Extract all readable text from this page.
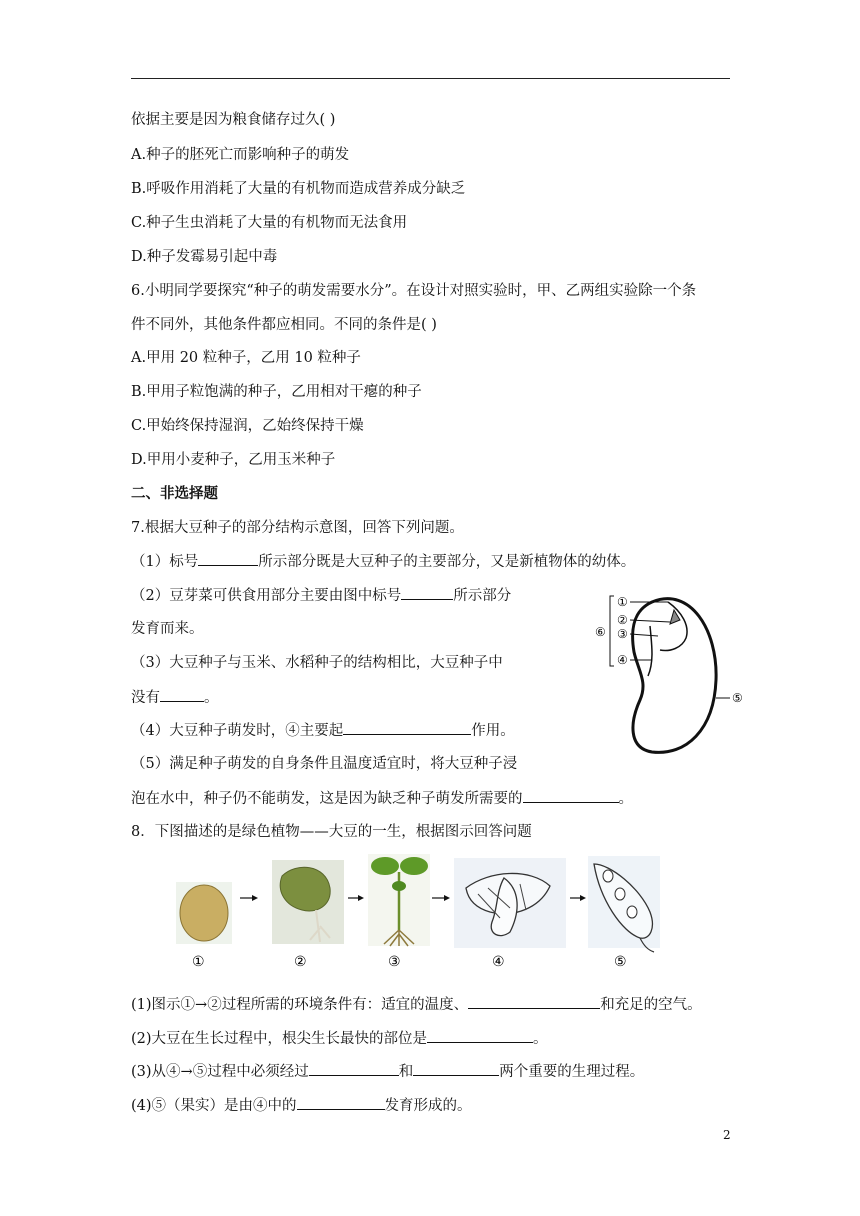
依据主要是因为粮食储存过久( )
A.种子的胚死亡而影响种子的萌发
B.呼吸作用消耗了大量的有机物而造成营养成分缺乏
C.种子生虫消耗了大量的有机物而无法食用
D.种子发霉易引起中毒
6.小明同学要探究“种子的萌发需要水分”。在设计对照实验时，甲、乙两组实验除一个条
件不同外，其他条件都应相同。不同的条件是( )
A.甲用 20 粒种子，乙用 10 粒种子
B.甲用子粒饱满的种子，乙用相对干瘪的种子
C.甲始终保持湿润，乙始终保持干燥
D.甲用小麦种子，乙用玉米种子
二、非选择题
7.根据大豆种子的部分结构示意图，回答下列问题。
（1）标号	所示部分既是大豆种子的主要部分，又是新植物体的幼体。
（2）豆芽菜可供食用部分主要由图中标号	所示部分
发育而来。
（3）大豆种子与玉米、水稻种子的结构相比，大豆种子中
没有	。
（4）大豆种子萌发时，④主要起	作用。
（5）满足种子萌发的自身条件且温度适宜时，将大豆种子浸
泡在水中，种子仍不能萌发，这是因为缺乏种子萌发所需要的	。
①
②
③
④
⑤
⑥
8．下图描述的是绿色植物——大豆的一生，根据图示回答问题
①	②	③	④	⑤
(1)图示①→②过程所需的环境条件有：适宜的温度、	和充足的空气。
(2)大豆在生长过程中，根尖生长最快的部位是	。
(3)从④→⑤过程中必须经过	和	两个重要的生理过程。
(4)⑤（果实）是由④中的	发育形成的。
2
